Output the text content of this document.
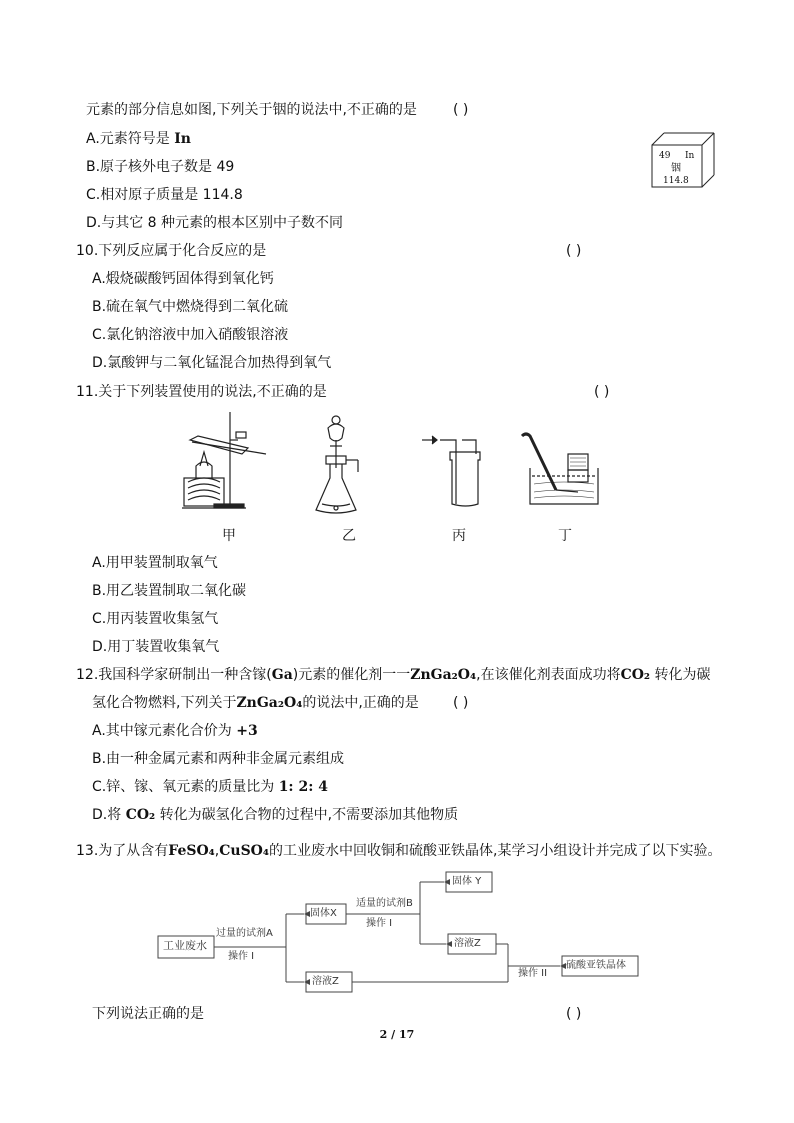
元素的部分信息如图,下列关于铟的说法中,不正确的是	( )
A.元素符号是 In
B.原子核外电子数是 49
C.相对原子质量是 114.8
D.与其它 8 种元素的根本区别中子数不同
49 In
铟
114.8
10.下列反应属于化合反应的是	( )
A.煅烧碳酸钙固体得到氧化钙
B.硫在氧气中燃烧得到二氧化硫
C.氯化钠溶液中加入硝酸银溶液
D.氯酸钾与二氧化锰混合加热得到氧气
11.关于下列装置使用的说法,不正确的是	( )
甲	乙	丙	丁
A.用甲装置制取氧气
B.用乙装置制取二氧化碳
C.用丙装置收集氢气
D.用丁装置收集氧气
12.我国科学家研制出一种含镓(Ga)元素的催化剂一一ZnGa₂O₄,在该催化剂表面成功将CO₂ 转化为碳
氢化合物燃料,下列关于ZnGa₂O₄的说法中,正确的是 ( )
A.其中镓元素化合价为 +3
B.由一种金属元素和两种非金属元素组成
C.锌、镓、氧元素的质量比为 1: 2: 4
D.将 CO₂ 转化为碳氢化合物的过程中,不需要添加其他物质
13.为了从含有FeSO₄,CuSO₄的工业废水中回收铜和硫酸亚铁晶体,某学习小组设计并完成了以下实验。
工业废水
过量的试剂A
操作 I
固体X
适量的试剂B
操作 I
固体 Y
溶液Z
溶液Z
操作 II
硫酸亚铁晶体
下列说法正确的是	( )
2 / 17
